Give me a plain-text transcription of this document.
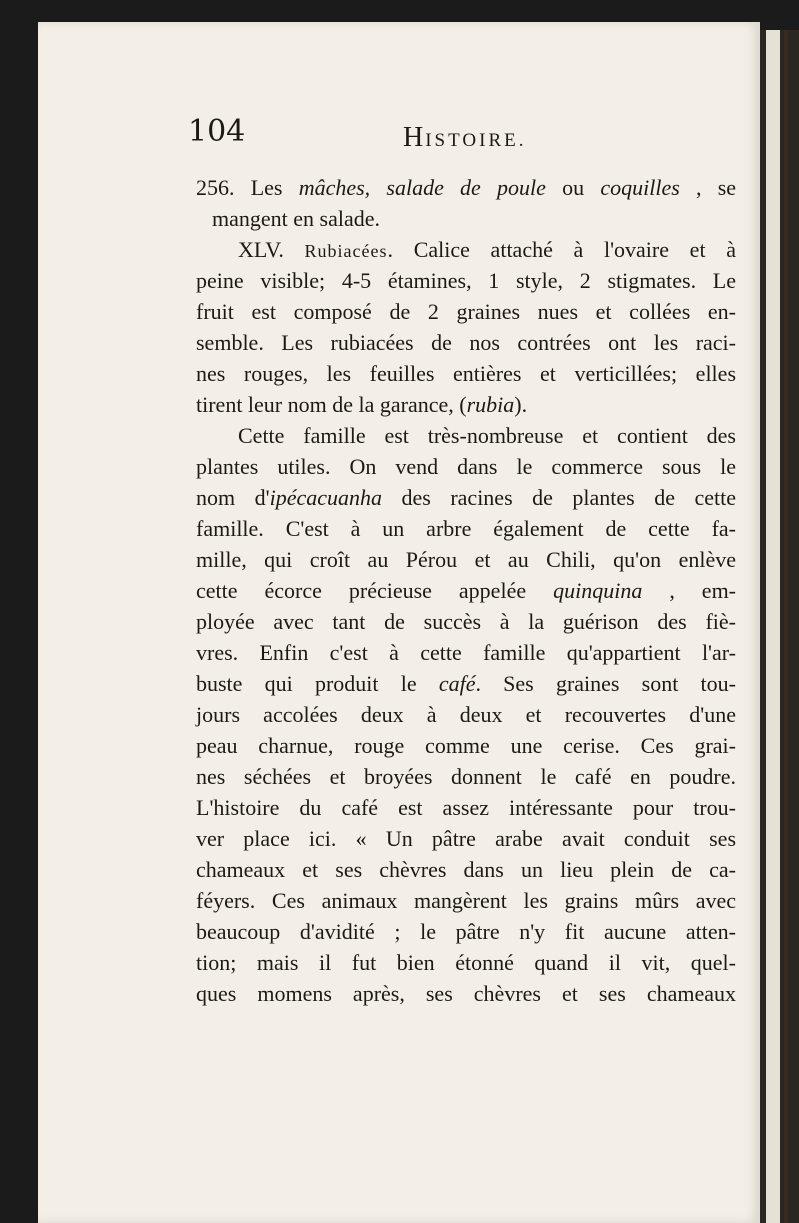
104	HISTOIRE.
256. Les mâches, salade de poule ou coquilles , se
mangent en salade.
XLV. Rubiacées. Calice attaché à l'ovaire et à
peine visible; 4-5 étamines, 1 style, 2 stigmates. Le
fruit est composé de 2 graines nues et collées en-
semble. Les rubiacées de nos contrées ont les raci-
nes rouges, les feuilles entières et verticillées; elles
tirent leur nom de la garance, (rubia).
Cette famille est très-nombreuse et contient des
plantes utiles. On vend dans le commerce sous le
nom d'ipécacuanha des racines de plantes de cette
famille. C'est à un arbre également de cette fa-
mille, qui croît au Pérou et au Chili, qu'on enlève
cette écorce précieuse appelée quinquina , em-
ployée avec tant de succès à la guérison des fiè-
vres. Enfin c'est à cette famille qu'appartient l'ar-
buste qui produit le café. Ses graines sont tou-
jours accolées deux à deux et recouvertes d'une
peau charnue, rouge comme une cerise. Ces grai-
nes séchées et broyées donnent le café en poudre.
L'histoire du café est assez intéressante pour trou-
ver place ici. « Un pâtre arabe avait conduit ses
chameaux et ses chèvres dans un lieu plein de ca-
féyers. Ces animaux mangèrent les grains mûrs avec
beaucoup d'avidité ; le pâtre n'y fit aucune atten-
tion; mais il fut bien étonné quand il vit, quel-
ques momens après, ses chèvres et ses chameaux
